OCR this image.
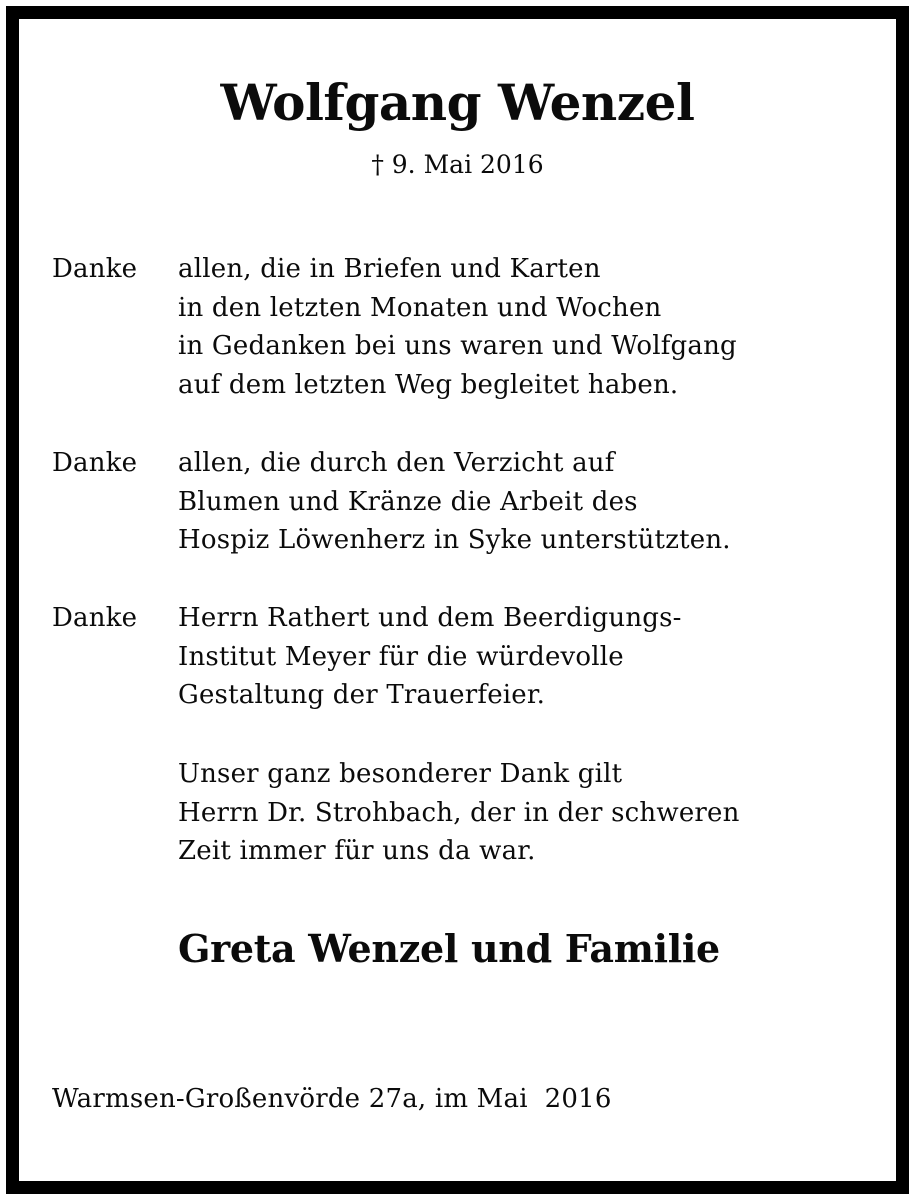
Wolfgang Wenzel

† 9. Mai 2016

Danke allen, die in Briefen und Karten
in den letzten Monaten und Wochen
in Gedanken bei uns waren und Wolfgang
auf dem letzten Weg begleitet haben.
Danke allen, die durch den Verzicht auf
Blumen und Kränze die Arbeit des
Hospiz Löwenherz in Syke unterstützten.
Danke Herrn Rathert und dem Beerdigungs-
Institut Meyer für die würdevolle
Gestaltung der Trauerfeier.
Unser ganz besonderer Dank gilt
Herrn Dr. Strohbach, der in der schweren
Zeit immer für uns da war.

Greta Wenzel und Familie

Warmsen-Großenvörde 27a, im Mai  2016
